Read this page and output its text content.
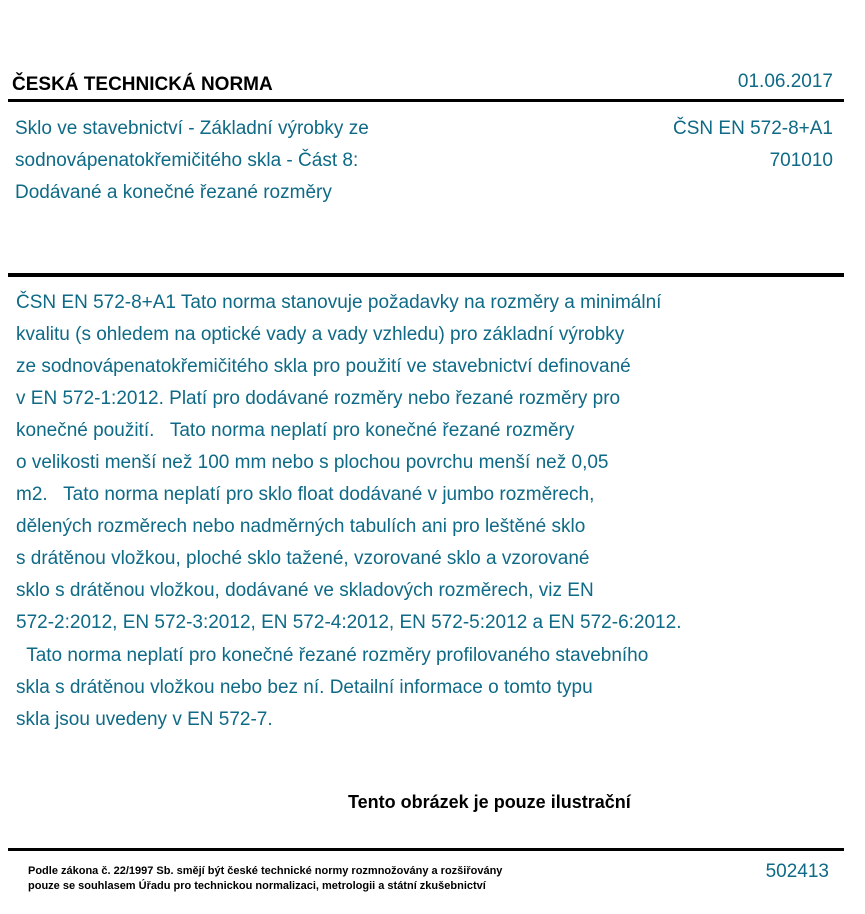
ČESKÁ TECHNICKÁ NORMA	01.06.2017
Sklo ve stavebnictví - Základní výrobky ze
sodnovápenatokřemičitého skla - Část 8:
Dodávané a konečné řezané rozměry
ČSN EN 572-8+A1
701010
ČSN EN 572-8+A1 Tato norma stanovuje požadavky na rozměry a minimální
kvalitu (s ohledem na optické vady a vady vzhledu) pro základní výrobky
ze sodnovápenatokřemičitého skla pro použití ve stavebnictví definované
v EN 572-1:2012. Platí pro dodávané rozměry nebo řezané rozměry pro
konečné použití.   Tato norma neplatí pro konečné řezané rozměry
o velikosti menší než 100 mm nebo s plochou povrchu menší než 0,05
m2.   Tato norma neplatí pro sklo float dodávané v jumbo rozměrech,
dělených rozměrech nebo nadměrných tabulích ani pro leštěné sklo
s drátěnou vložkou, ploché sklo tažené, vzorované sklo a vzorované
sklo s drátěnou vložkou, dodávané ve skladových rozměrech, viz EN
572-2:2012, EN 572-3:2012, EN 572-4:2012, EN 572-5:2012 a EN 572-6:2012.
Tato norma neplatí pro konečné řezané rozměry profilovaného stavebního
skla s drátěnou vložkou nebo bez ní. Detailní informace o tomto typu
skla jsou uvedeny v EN 572-7.
Tento obrázek je pouze ilustrační
Podle zákona č. 22/1997 Sb. smějí být české technické normy rozmnožovány a rozšiřovány
pouze se souhlasem Úřadu pro technickou normalizaci, metrologii a státní zkušebnictví
502413
